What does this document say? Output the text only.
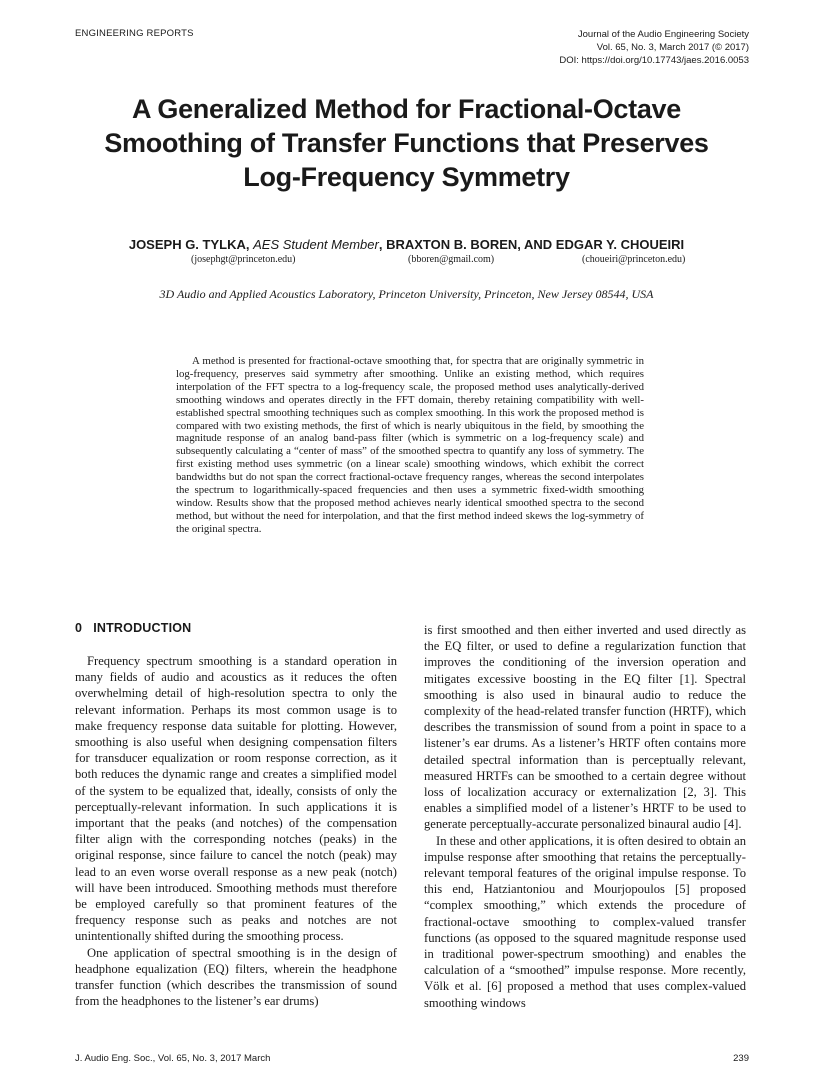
ENGINEERING REPORTS	Journal of the Audio Engineering Society
Vol. 65, No. 3, March 2017 (© 2017)
DOI: https://doi.org/10.17743/jaes.2016.0053
A Generalized Method for Fractional-Octave
Smoothing of Transfer Functions that Preserves
Log-Frequency Symmetry
JOSEPH G. TYLKA, AES Student Member, BRAXTON B. BOREN, AND EDGAR Y. CHOUEIRI
(josephgt@princeton.edu)	(bboren@gmail.com)	(choueiri@princeton.edu)
3D Audio and Applied Acoustics Laboratory, Princeton University, Princeton, New Jersey 08544, USA

A method is presented for fractional-octave smoothing that, for spectra that are originally symmetric in log-frequency, preserves said symmetry after smoothing. Unlike an existing method, which requires interpolation of the FFT spectra to a log-frequency scale, the proposed method uses analytically-derived smoothing windows and operates directly in the FFT domain, thereby retaining compatibility with well-established spectral smoothing techniques such as complex smoothing. In this work the proposed method is compared with two existing methods, the first of which is nearly ubiquitous in the field, by smoothing the magnitude response of an analog band-pass filter (which is symmetric on a log-frequency scale) and subsequently calculating a “center of mass” of the smoothed spectra to quantify any loss of symmetry. The first existing method uses symmetric (on a linear scale) smoothing windows, which exhibit the correct bandwidths but do not span the correct fractional-octave frequency ranges, whereas the second interpolates the spectrum to logarithmically-spaced frequencies and then uses a symmetric fixed-width smoothing window. Results show that the proposed method achieves nearly identical smoothed spectra to the second method, but without the need for interpolation, and that the first method indeed skews the log-symmetry of the original spectra.

0 INTRODUCTION

Frequency spectrum smoothing is a standard operation in many fields of audio and acoustics as it reduces the often overwhelming detail of high-resolution spectra to only the relevant information. Perhaps its most common usage is to make frequency response data suitable for plotting. However, smoothing is also useful when designing compensation filters for transducer equalization or room response correction, as it both reduces the dynamic range and creates a simplified model of the system to be equalized that, ideally, consists of only the perceptually-relevant information. In such applications it is important that the peaks (and notches) of the compensation filter align with the corresponding notches (peaks) in the original response, since failure to cancel the notch (peak) may lead to an even worse overall response as a new peak (notch) will have been introduced. Smoothing methods must therefore be employed carefully so that prominent features of the frequency response such as peaks and notches are not unintentionally shifted during the smoothing process.

One application of spectral smoothing is in the design of headphone equalization (EQ) filters, wherein the headphone transfer function (which describes the transmission of sound from the headphones to the listener’s ear drums)

is first smoothed and then either inverted and used directly as the EQ filter, or used to define a regularization function that improves the conditioning of the inversion operation and mitigates excessive boosting in the EQ filter [1]. Spectral smoothing is also used in binaural audio to reduce the complexity of the head-related transfer function (HRTF), which describes the transmission of sound from a point in space to a listener’s ear drums. As a listener’s HRTF often contains more detailed spectral information than is perceptually relevant, measured HRTFs can be smoothed to a certain degree without loss of localization accuracy or externalization [2, 3]. This enables a simplified model of a listener’s HRTF to be used to generate perceptually-accurate personalized binaural audio [4].

In these and other applications, it is often desired to obtain an impulse response after smoothing that retains the perceptually-relevant temporal features of the original impulse response. To this end, Hatziantoniou and Mourjopoulos [5] proposed “complex smoothing,” which extends the procedure of fractional-octave smoothing to complex-valued transfer functions (as opposed to the squared magnitude response used in traditional power-spectrum smoothing) and enables the calculation of a “smoothed” impulse response. More recently, Völk et al. [6] proposed a method that uses complex-valued smoothing windows

J. Audio Eng. Soc., Vol. 65, No. 3, 2017 March	239
